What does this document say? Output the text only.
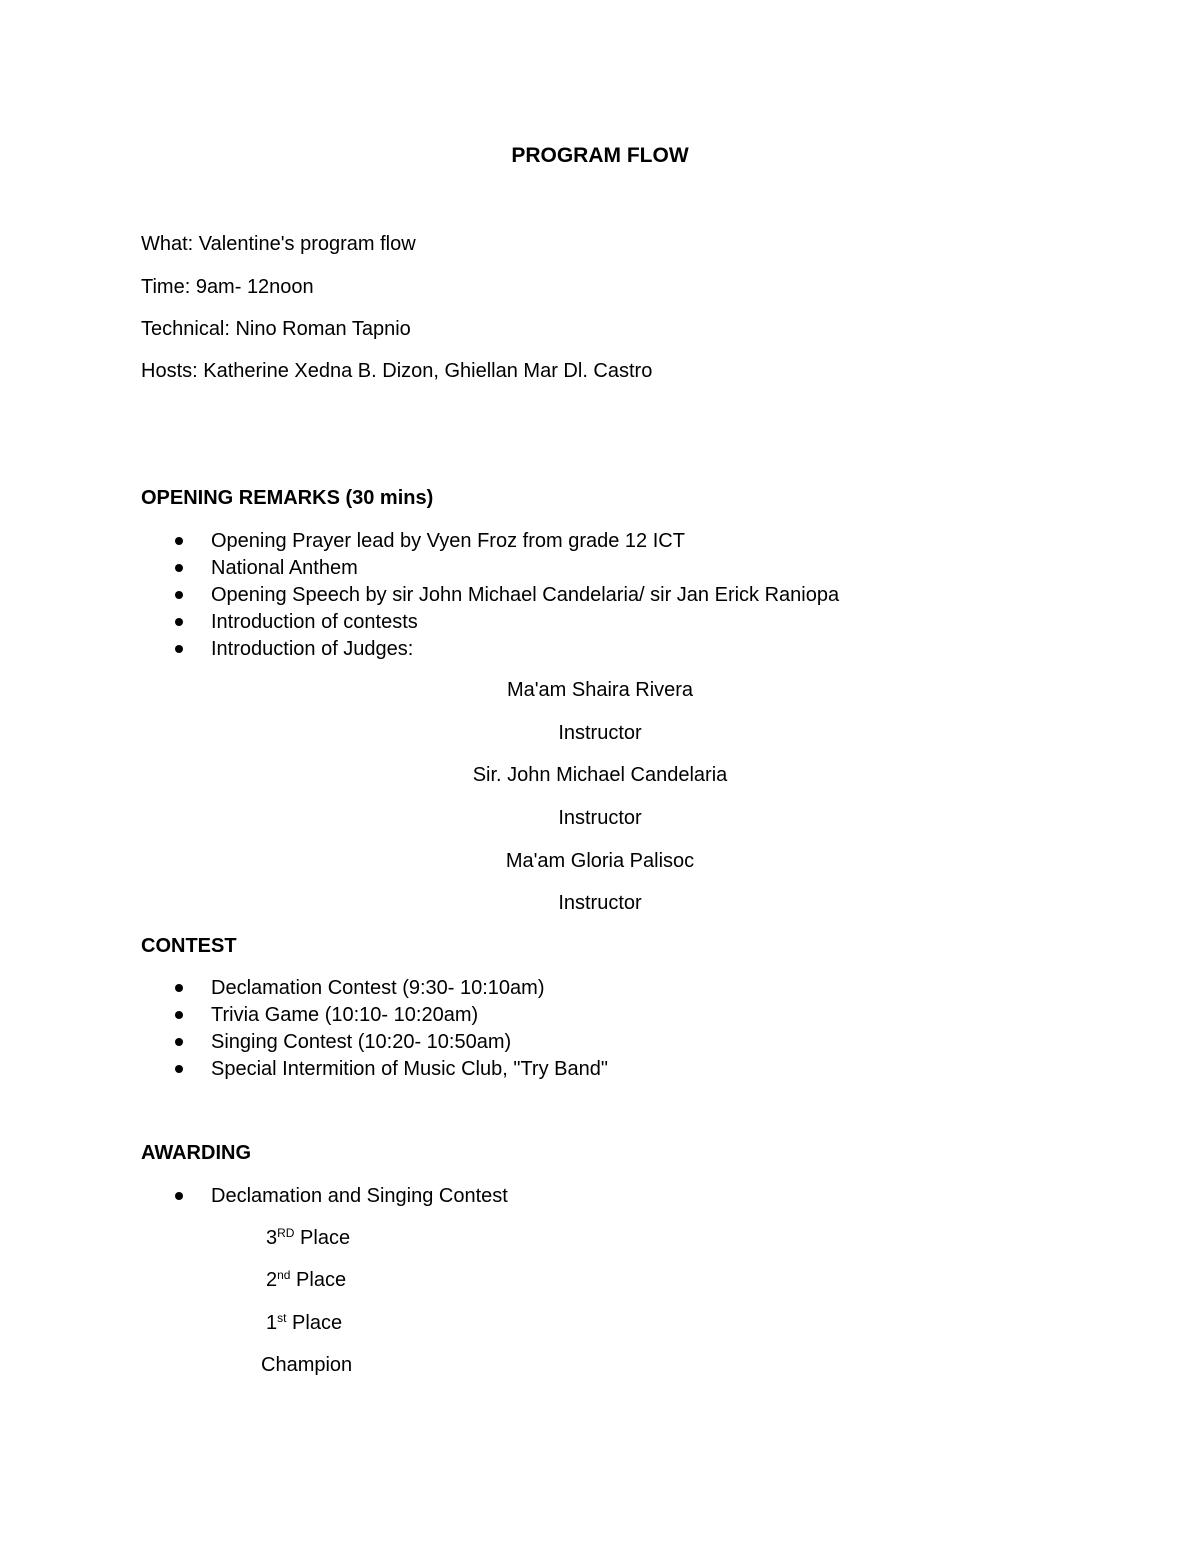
PROGRAM FLOW
What: Valentine's program flow
Time: 9am- 12noon
Technical: Nino Roman Tapnio
Hosts: Katherine Xedna B. Dizon, Ghiellan Mar Dl. Castro
OPENING REMARKS (30 mins)
Opening Prayer lead by Vyen Froz from grade 12 ICT
National Anthem
Opening Speech by sir John Michael Candelaria/ sir Jan Erick Raniopa
Introduction of contests
Introduction of Judges:
Ma'am Shaira Rivera
Instructor
Sir. John Michael Candelaria
Instructor
Ma'am Gloria Palisoc
Instructor
CONTEST
Declamation Contest (9:30- 10:10am)
Trivia Game (10:10- 10:20am)
Singing Contest (10:20- 10:50am)
Special Intermition of Music Club, "Try Band"
AWARDING
Declamation and Singing Contest
3RD Place
2nd Place
1st Place
Champion
